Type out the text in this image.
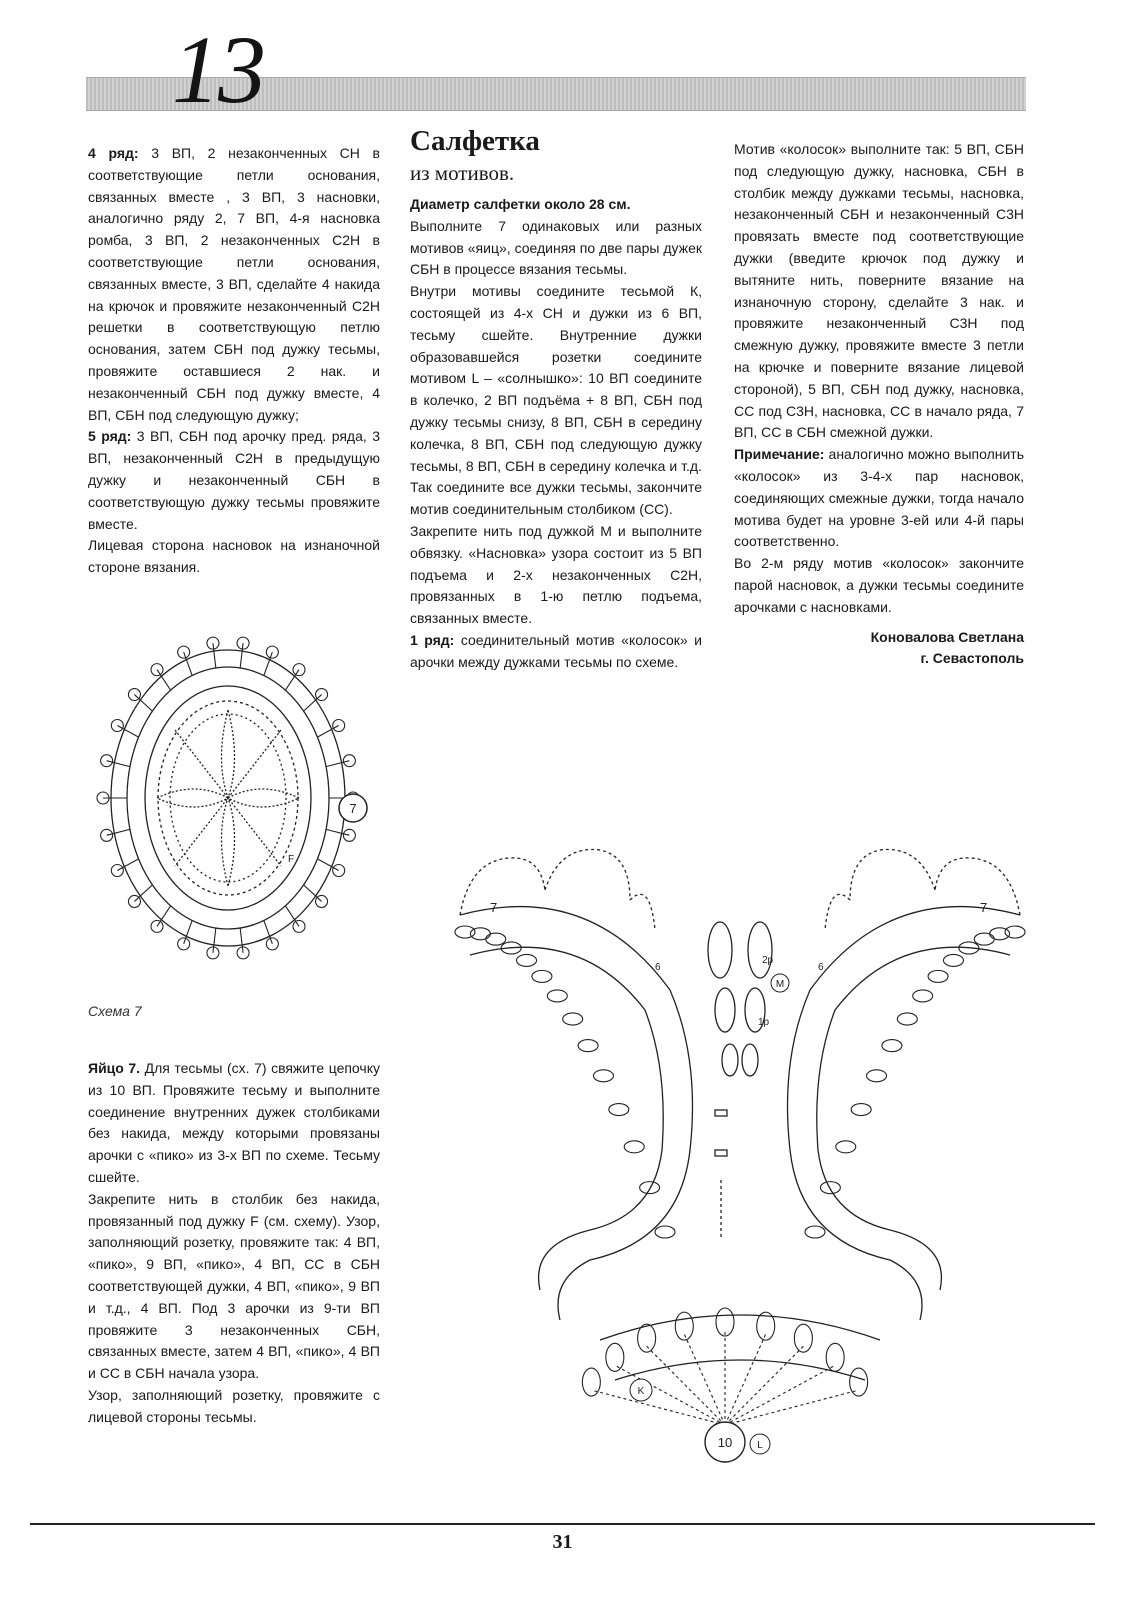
13

4 ряд: 3 ВП, 2 незаконченных СН в соответствующие петли основания, связанных вместе , 3 ВП, 3 насновки, аналогично ряду 2, 7 ВП, 4-я насновка ромба, 3 ВП, 2 незаконченных С2Н в соответствующие петли основания, связанных вместе, 3 ВП, сделайте 4 накида на крючок и провяжите незаконченный С2Н решетки в соответствующую петлю основания, затем СБН под дужку тесьмы, провяжите оставшиеся 2 нак. и незаконченный СБН под дужку вместе, 4 ВП, СБН под следующую дужку;

5 ряд: 3 ВП, СБН под арочку пред. ряда, 3 ВП, незаконченный С2Н в предыдущую дужку и незаконченный СБН в соответствующую дужку тесьмы провяжите вместе.

Лицевая сторона насновок на изнаночной стороне вязания.

Салфетка
из мотивов.

Диаметр салфетки около 28 см.

Выполните 7 одинаковых или разных мотивов «яиц», соединяя по две пары дужек СБН в процессе вязания тесьмы.

Внутри мотивы соедините тесьмой К, состоящей из 4-х СН и дужки из 6 ВП, тесьму сшейте. Внутренние дужки образовавшейся розетки соедините мотивом L – «солнышко»: 10 ВП соедините в колечко, 2 ВП подъёма + 8 ВП, СБН под дужку тесьмы снизу, 8 ВП, СБН в середину колечка, 8 ВП, СБН под следующую дужку тесьмы, 8 ВП, СБН в середину колечка и т.д. Так соедините все дужки тесьмы, закончите мотив соединительным столбиком (СС).

Закрепите нить под дужкой М и выполните обвязку. «Насновка» узора состоит из 5 ВП подъема и 2-х незаконченных С2Н, провязанных в 1-ю петлю подъема, связанных вместе.

1 ряд: соединительный мотив «колосок» и арочки между дужками тесьмы по схеме.

Мотив «колосок» выполните так: 5 ВП, СБН под следующую дужку, насновка, СБН в столбик между дужками тесьмы, насновка, незаконченный СБН и незаконченный С3Н провязать вместе под соответствующие дужки (введите крючок под дужку и вытяните нить, поверните вязание на изнаночную сторону, сделайте 3 нак. и провяжите незаконченный С3Н под смежную дужку, провяжите вместе 3 петли на крючке и поверните вязание лицевой стороной), 5 ВП, СБН под дужку, насновка, СС под С3Н, насновка, СС в начало ряда, 7 ВП, СС в СБН смежной дужки.

Примечание: аналогично можно выполнить «колосок» из 3-4-х пар насновок, соединяющих смежные дужки, тогда начало мотива будет на уровне 3-ей или 4-й пары соответственно.

Во 2-м ряду мотив «колосок» закончите парой насновок, а дужки тесьмы соедините арочками с насновками.

Коновалова Светлана
г. Севастополь
7
F
Схема 7

Яйцо 7. Для тесьмы (сх. 7) свяжите цепочку из 10 ВП. Провяжите тесьму и выполните соединение внутренних дужек столбиками без накида, между которыми провязаны арочки с «пико» из 3-х ВП по схеме. Тесьму сшейте.

Закрепите нить в столбик без накида, провязанный под дужку F (см. схему). Узор, заполняющий розетку, провяжите так: 4 ВП, «пико», 9 ВП, «пико», 4 ВП, СС в СБН соответствующей дужки, 4 ВП, «пико», 9 ВП и т.д., 4 ВП. Под 3 арочки из 9-ти ВП провяжите 3 незаконченных СБН, связанных вместе, затем 4 ВП, «пико», 4 ВП и СС в СБН начала узора.

Узор, заполняющий розетку, провяжите с лицевой стороны тесьмы.

7	7
6	6
M
2р
1р
K
10 L
31
